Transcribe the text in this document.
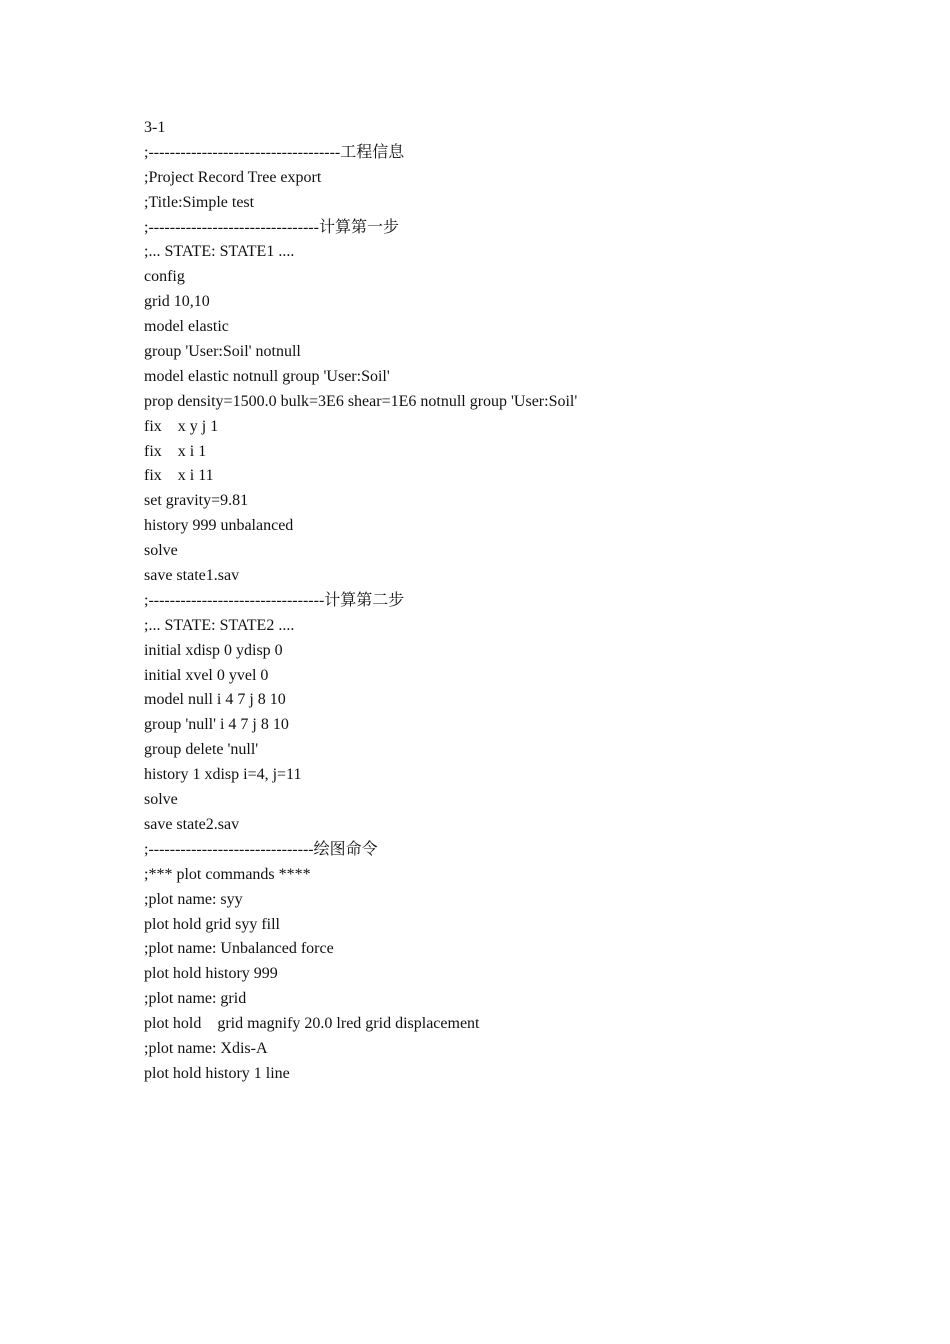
3-1
;------------------------------------工程信息
;Project Record Tree export
;Title:Simple test
;--------------------------------计算第一步
;... STATE: STATE1 ....
config
grid 10,10
model elastic
group 'User:Soil' notnull
model elastic notnull group 'User:Soil'
prop density=1500.0 bulk=3E6 shear=1E6 notnull group 'User:Soil'
fix    x y j 1
fix    x i 1
fix    x i 11
set gravity=9.81
history 999 unbalanced
solve
save state1.sav
;---------------------------------计算第二步
;... STATE: STATE2 ....
initial xdisp 0 ydisp 0
initial xvel 0 yvel 0
model null i 4 7 j 8 10
group 'null' i 4 7 j 8 10
group delete 'null'
history 1 xdisp i=4, j=11
solve
save state2.sav
;-------------------------------绘图命令
;*** plot commands ****
;plot name: syy
plot hold grid syy fill
;plot name: Unbalanced force
plot hold history 999
;plot name: grid
plot hold    grid magnify 20.0 lred grid displacement
;plot name: Xdis-A
plot hold history 1 line
